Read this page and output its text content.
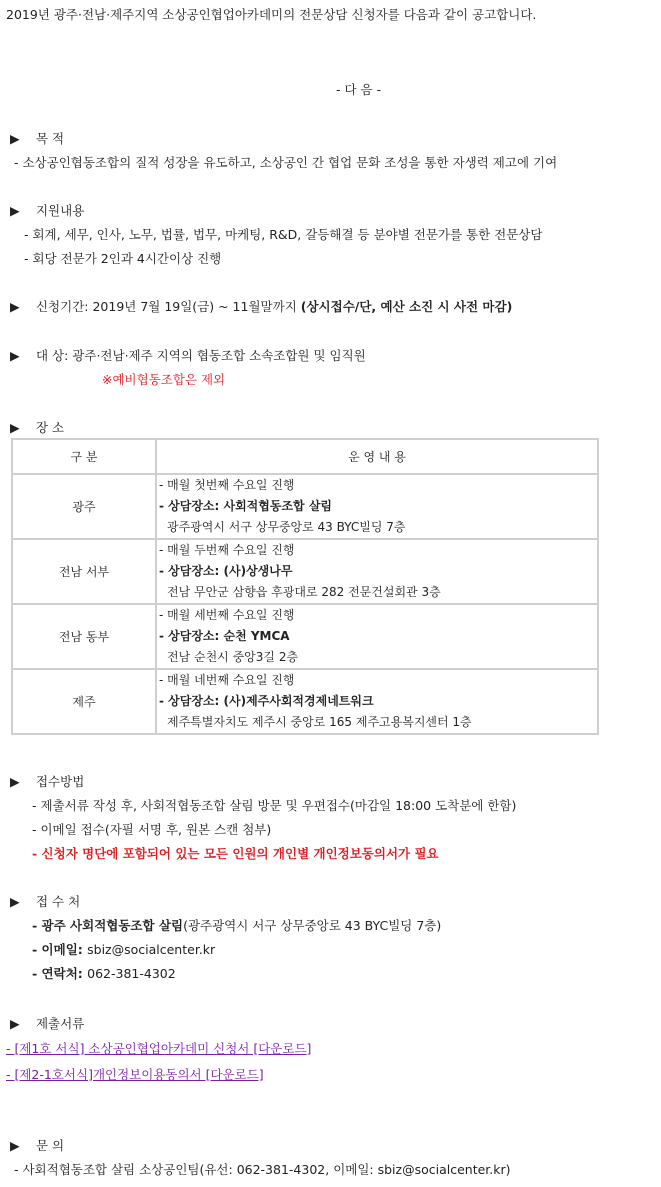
2019년 광주·전남·제주지역 소상공인협업아카데미의 전문상담 신청자를 다음과 같이 공고합니다.
- 다 음 -
▶ 목 적
- 소상공인협동조합의 질적 성장을 유도하고, 소상공인 간 협업 문화 조성을 통한 자생력 제고에 기여
▶ 지원내용
- 회계, 세무, 인사, 노무, 법률, 법무, 마케팅, R&D, 갈등해결 등 분야별 전문가를 통한 전문상담
- 회당 전문가 2인과 4시간이상 진행
▶ 신청기간: 2019년 7월 19일(금) ~ 11월말까지 (상시접수/단, 예산 소진 시 사전 마감)
▶ 대 상: 광주·전남·제주 지역의 협동조합 소속조합원 및 임직원
※예비협동조합은 제외
▶ 장 소
구 분	운 영 내 용
광주	- 매월 첫번째 수요일 진행
- 상담장소: 사회적협동조합 살림
광주광역시 서구 상무중앙로 43 BYC빌딩 7층

전남 서부	- 매월 두번째 수요일 진행
- 상담장소: (사)상생나무
전남 무안군 삼향읍 후광대로 282 전문건설회관 3층

전남 동부	- 매월 세번째 수요일 진행
- 상담장소: 순천 YMCA
전남 순천시 중앙3길 2층

제주	- 매월 네번째 수요일 진행
- 상담장소: (사)제주사회적경제네트워크
제주특별자치도 제주시 중앙로 165 제주고용복지센터 1층
▶ 접수방법
- 제출서류 작성 후, 사회적협동조합 살림 방문 및 우편접수(마감일 18:00 도착분에 한함)
- 이메일 접수(자필 서명 후, 원본 스캔 첨부)
- 신청자 명단에 포함되어 있는 모든 인원의 개인별 개인정보동의서가 필요
▶ 접 수 처
- 광주 사회적협동조합 살림(광주광역시 서구 상무중앙로 43 BYC빌딩 7층)
- 이메일: sbiz@socialcenter.kr
- 연락처: 062-381-4302
▶ 제출서류
- [제1호 서식] 소상공인협업아카데미 신청서 [다운로드]
- [제2-1호서식]개인정보이용동의서 [다운로드]
▶ 문 의
- 사회적협동조합 살림 소상공인팀(유선: 062-381-4302, 이메일: sbiz@socialcenter.kr)
